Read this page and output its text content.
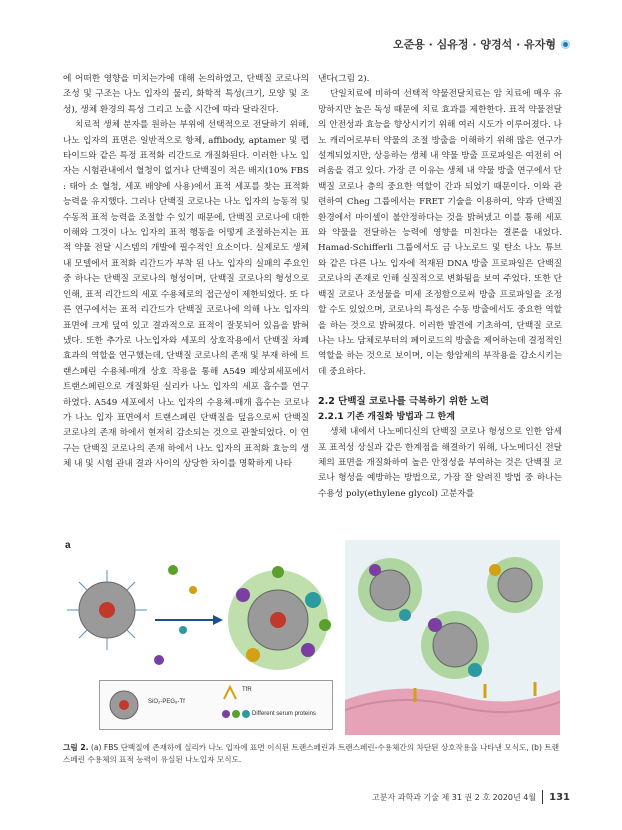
오준용 · 심유정 · 양경석 · 유자형

에 어떠한 영향을 미치는가에 대해 논의하였고, 단백질 코로나의 조성 및 구조는 나노 입자의 물리, 화학적 특성(크기, 모양 및 조성), 생체 환경의 특성 그리고 노출 시간에 따라 달라진다.

치료적 생체 분자를 원하는 부위에 선택적으로 전달하기 위해, 나노 입자의 표면은 일반적으로 항체, affibody, aptamer 및 펩타이드와 같은 특정 표적화 리간드로 개질화된다. 이러한 나노 입자는 시험관내에서 혈청이 없거나 단백질이 적은 배지(10% FBS : 태아 소 혈청, 세포 배양에 사용)에서 표적 세포를 찾는 표적화 능력을 유지했다. 그러나 단백질 코로나는 나노 입자의 능동적 및 수동적 표적 능력을 조절할 수 있기 때문에, 단백질 코로나에 대한 이해와 그것이 나노 입자의 표적 행동을 어떻게 조절하는지는 표적 약물 전달 시스템의 개발에 필수적인 요소이다. 실제로도 생체 내 모델에서 표적화 리간드가 부착 된 나노 입자의 실패의 주요인 중 하나는 단백질 코로나의 형성이며, 단백질 코로나의 형성으로 인해, 표적 리간드의 세포 수용체로의 접근성이 제한되었다. 또 다른 연구에서는 표적 리간드가 단백질 코로나에 의해 나노 입자의 표면에 크게 덮여 있고 결과적으로 표적이 잘못되어 있음을 밝혀냈다. 또한 추가로 나노입자와 세포의 상호작용에서 단백질 차폐 효과의 역할을 연구했는데, 단백질 코로나의 존재 및 부재 하에 트랜스페린 수용체-매개 상호 작용을 통해 A549 폐상피세포에서 트랜스페린으로 개질화된 실리카 나노 입자의 세포 흡수를 연구 하였다. A549 세포에서 나노 입자의 수용체-매개 흡수는 코로나가 나노 입자 표면에서 트랜스페린 단백질을 덮음으로써 단백질 코로나의 존재 하에서 현저히 감소되는 것으로 관찰되었다. 이 연구는 단백질 코로나의 존재 하에서 나노 입자의 표적화 효능의 생체 내 및 시험 관내 결과 사이의 상당한 차이를 명확하게 나타

낸다(그림 2).

단일치료에 비하여 선택적 약물전달치료는 암 치료에 매우 유망하지만 높은 독성 때문에 치료 효과를 제한한다. 표적 약물전달의 안전성과 효능을 향상시키기 위해 여러 시도가 이루어졌다. 나노 캐리어로부터 약물의 조절 방출을 이해하기 위해 많은 연구가 설계되었지만, 상응하는 생체 내 약물 방출 프로파일은 여전히 어려움을 겪고 있다. 가장 큰 이유는 생체 내 약물 방출 연구에서 단백질 코로나 층의 중요한 역할이 간과 되었기 때문이다. 이와 관련하여 Cheg 그룹에서는 FRET 기술을 이용하여, 약과 단백질 환경에서 마이셀이 불안정하다는 것을 밝혀냈고 이를 통해 세포와 약물을 전달하는 능력에 영향을 미친다는 결론을 내었다. Hamad-Schifferli 그룹에서도 금 나노로드 및 탄소 나노 튜브와 같은 다른 나노 입자에 적재된 DNA 방출 프로파일은 단백질 코로나의 존재로 인해 실질적으로 변화됨을 보여 주었다. 또한 단백질 코로나 조성물을 미세 조정함으로써 방출 프로파일을 조정할 수도 있었으며, 코로나의 특성은 수동 방출에서도 중요한 역할을 하는 것으로 밝혀졌다. 이러한 발견에 기초하여, 단백질 코로나는 나노 담체로부터의 페이로드의 방출을 제어하는데 결정적인 역할을 하는 것으로 보이며, 이는 항암제의 부작용을 감소시키는 데 중요하다.

2.2 단백질 코로나를 극복하기 위한 노력
2.2.1 기존 개질화 방법과 그 한계

생체 내에서 나노메디신의 단백질 코로나 형성으로 인한 암세포 표적성 상실과 같은 한계점을 해결하기 위해, 나노메디신 전달체의 표면을 개질화하여 높은 안정성을 부여하는 것은 단백질 코로나 형성을 예방하는 방법으로, 가장 잘 알려진 방법 중 하나는 수용성 poly(ethylene glycol) 고분자를

a
SiO₂-PEG₈-Tf
TfR
Different serum proteins
그림 2. (a) FBS 단백질에 존재하에 실리카 나노 입자에 표면 이식된 트랜스페린과 트랜스페린-수용체간의 차단된 상호작용을 나타낸 모식도, (b) 트랜스페린 수용체의 표적 능력이 유실된 나노입자 모식도.
고분자 과학과 기술 제 31 권 2 호 2020년 4월 131
